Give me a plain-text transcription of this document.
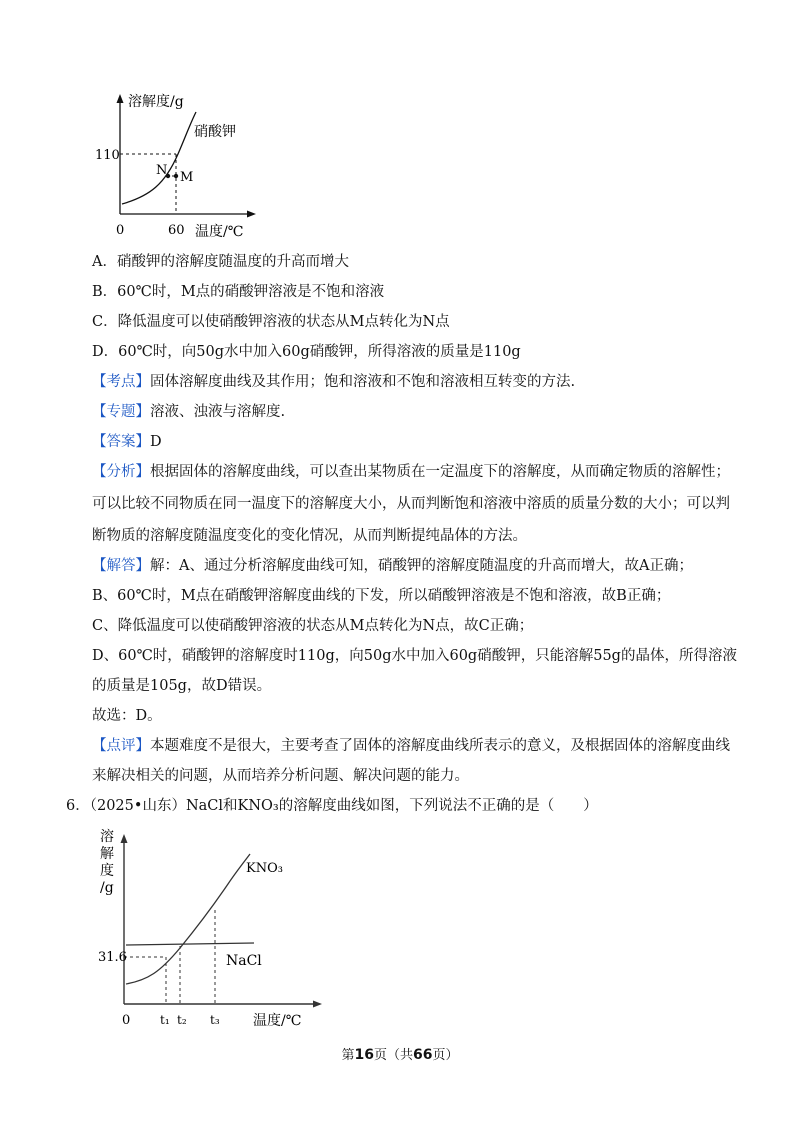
溶解度/g
硝酸钾
110
N M
0	60 温度/℃
A．硝酸钾的溶解度随温度的升高而增大
B．60℃时，M点的硝酸钾溶液是不饱和溶液
C．降低温度可以使硝酸钾溶液的状态从M点转化为N点
D．60℃时，向50g水中加入60g硝酸钾，所得溶液的质量是110g
【考点】固体溶解度曲线及其作用；饱和溶液和不饱和溶液相互转变的方法.
【专题】溶液、浊液与溶解度.
【答案】D
【分析】根据固体的溶解度曲线，可以查出某物质在一定温度下的溶解度，从而确定物质的溶解性；
可以比较不同物质在同一温度下的溶解度大小，从而判断饱和溶液中溶质的质量分数的大小；可以判
断物质的溶解度随温度变化的变化情况，从而判断提纯晶体的方法。
【解答】解：A、通过分析溶解度曲线可知，硝酸钾的溶解度随温度的升高而增大，故A正确；
B、60℃时，M点在硝酸钾溶解度曲线的下发，所以硝酸钾溶液是不饱和溶液，故B正确；
C、降低温度可以使硝酸钾溶液的状态从M点转化为N点，故C正确；
D、60℃时，硝酸钾的溶解度时110g，向50g水中加入60g硝酸钾，只能溶解55g的晶体，所得溶液
的质量是105g，故D错误。
故选：D。
【点评】本题难度不是很大，主要考查了固体的溶解度曲线所表示的意义，及根据固体的溶解度曲线
来解决相关的问题，从而培养分析问题、解决问题的能力。
6．（2025•山东）NaCl和KNO₃的溶解度曲线如图，下列说法不正确的是（　　）
溶
解
度
/g
31.6
KNO₃
NaCl
0 t₁ t₂ t₃ 温度/℃
第16页（共66页）
